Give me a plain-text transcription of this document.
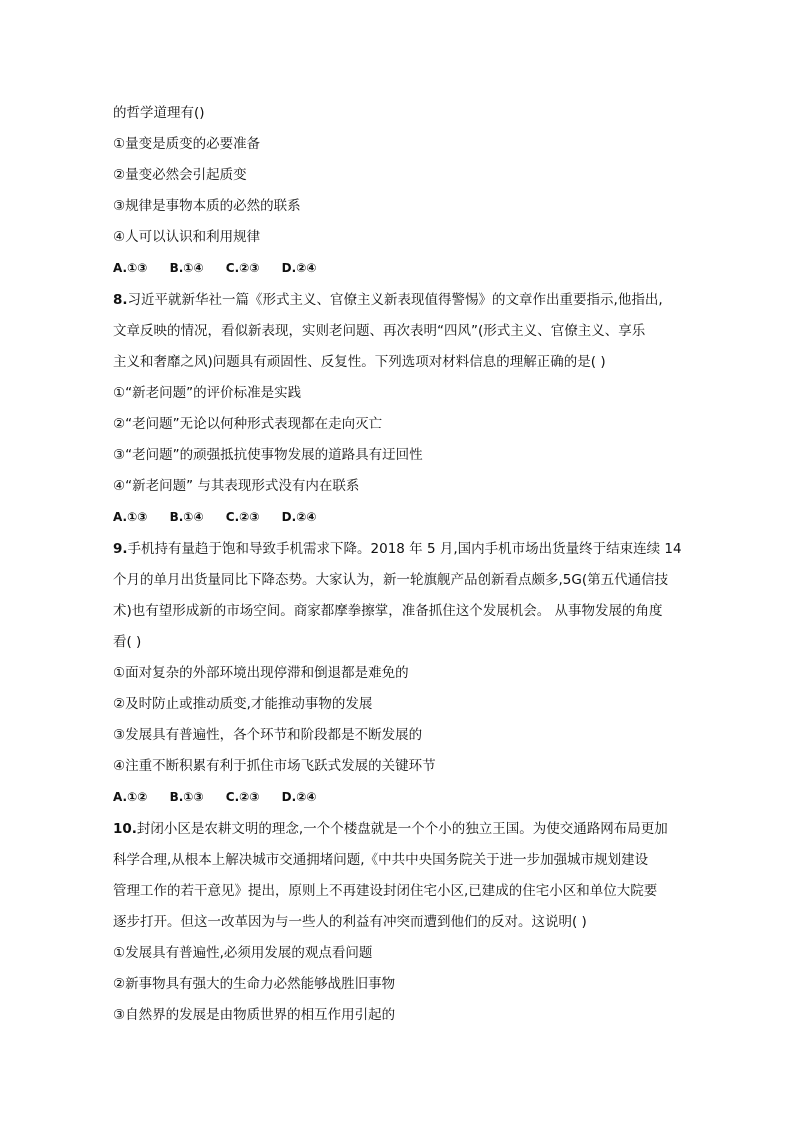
的哲学道理有()
①量变是质变的必要准备
②量变必然会引起质变
③规律是事物本质的必然的联系
④人可以认识和利用规律
A.①③ B.①④ C.②③ D.②④
8.习近平就新华社一篇《形式主义、官僚主义新表现值得警惕》的文章作出重要指示,他指出,
文章反映的情况，看似新表现，实则老问题、再次表明“四风”(形式主义、官僚主义、享乐
主义和奢靡之风)问题具有顽固性、反复性。下列选项对材料信息的理解正确的是( )
①“新老问题”的评价标准是实践
②“老问题”无论以何种形式表现都在走向灭亡
③“老问题”的顽强抵抗使事物发展的道路具有迂回性
④“新老问题” 与其表现形式没有内在联系
A.①③ B.①④ C.②③ D.②④
9.手机持有量趋于饱和导致手机需求下降。2018 年 5 月,国内手机市场出货量终于结束连续 14
个月的单月出货量同比下降态势。大家认为，新一轮旗舰产品创新看点颇多,5G(第五代通信技
术)也有望形成新的市场空间。商家都摩拳擦掌，准备抓住这个发展机会。 从事物发展的角度
看( )
①面对复杂的外部环境出现停滞和倒退都是难免的
②及时防止或推动质变,才能推动事物的发展
③发展具有普遍性，各个环节和阶段都是不断发展的
④注重不断积累有利于抓住市场飞跃式发展的关键环节
A.①② B.①③ C.②③ D.②④
10.封闭小区是农耕文明的理念,一个个楼盘就是一个个小的独立王国。为使交通路网布局更加
科学合理,从根本上解决城市交通拥堵问题,《中共中央国务院关于进一步加强城市规划建设
管理工作的若干意见》提出，原则上不再建设封闭住宅小区,已建成的住宅小区和单位大院要
逐步打开。但这一改革因为与一些人的利益有冲突而遭到他们的反对。这说明( )
①发展具有普遍性,必须用发展的观点看问题
②新事物具有强大的生命力必然能够战胜旧事物
③自然界的发展是由物质世界的相互作用引起的
